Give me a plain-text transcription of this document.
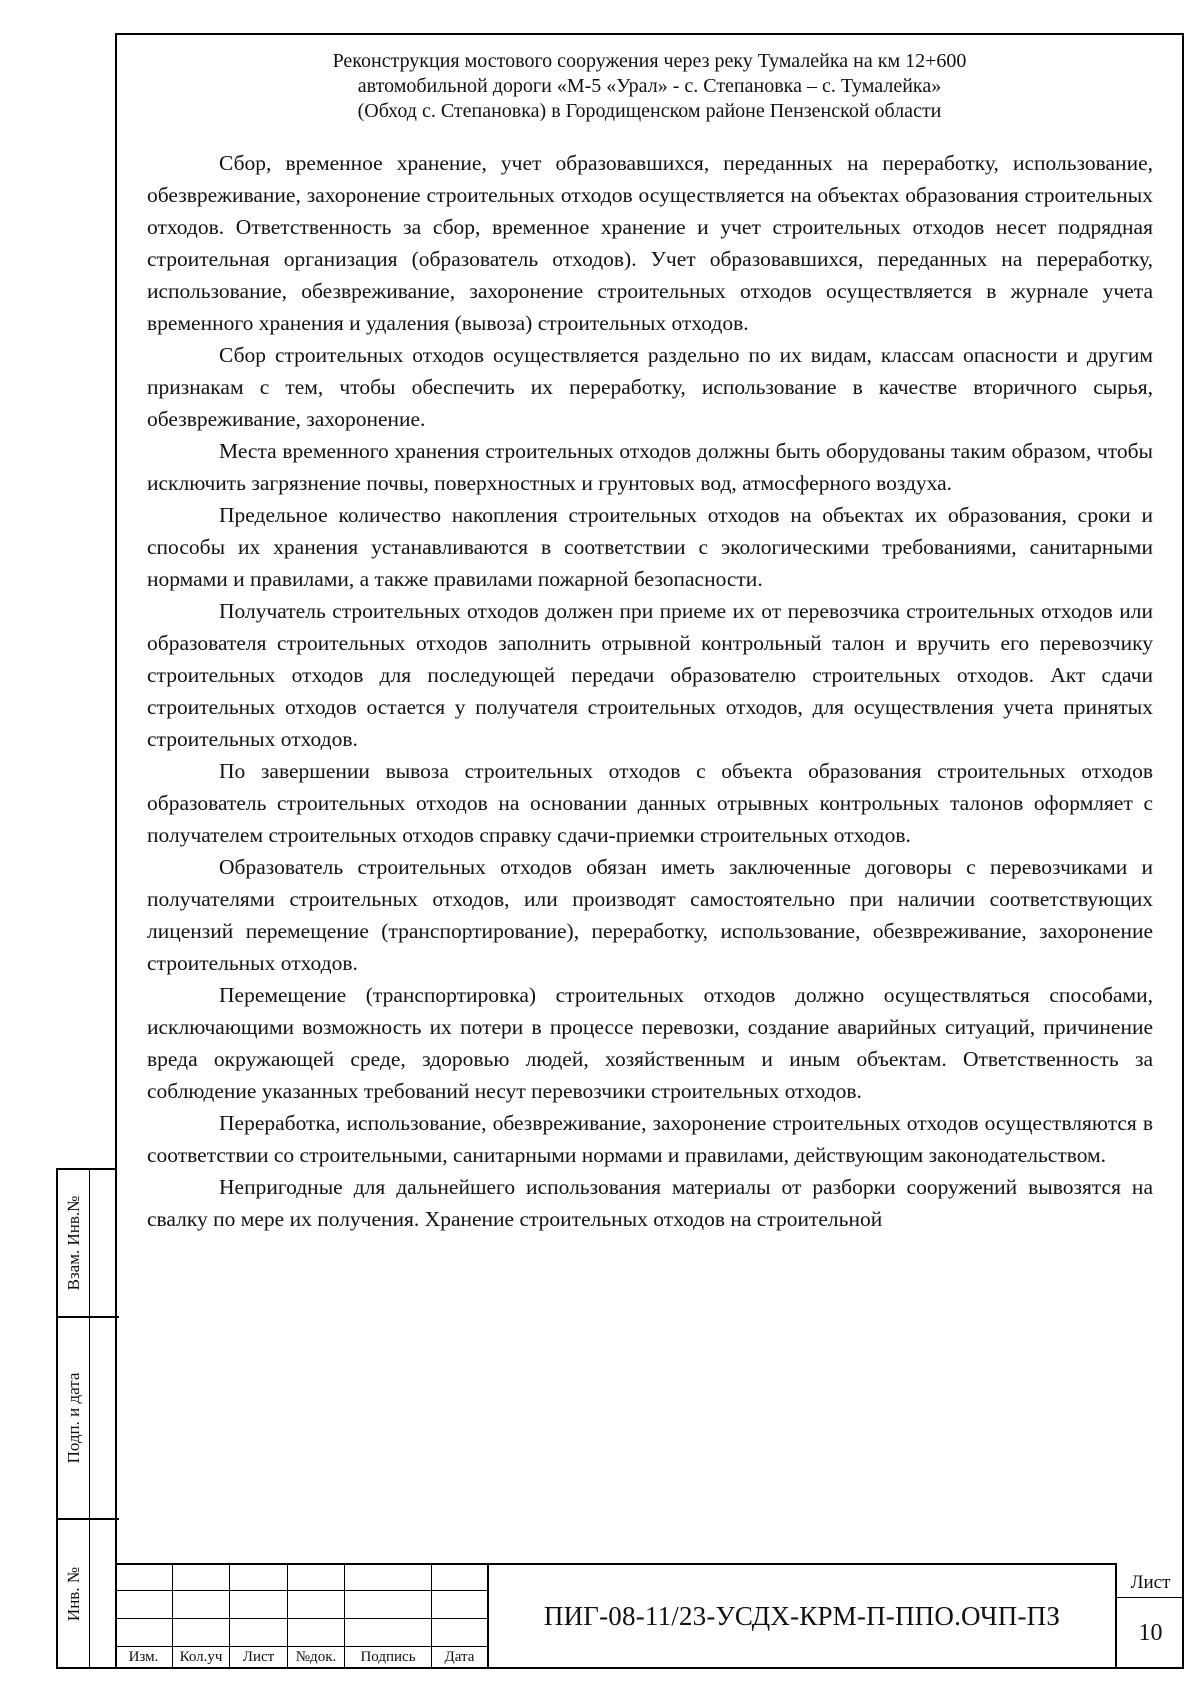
Реконструкция мостового сооружения через реку Тумалейка на км 12+600
автомобильной дороги «М-5 «Урал» - с. Степановка – с. Тумалейка»
(Обход с. Степановка) в Городищенском районе Пензенской области

Сбор, временное хранение, учет образовавшихся, переданных на переработку, использование, обезвреживание, захоронение строительных отходов осуществляется на объектах образования строительных отходов. Ответственность за сбор, временное хранение и учет строительных отходов несет подрядная строительная организация (образователь отходов). Учет образовавшихся, переданных на переработку, использование, обезвреживание, захоронение строительных отходов осуществляется в журнале учета временного хранения и удаления (вывоза) строительных отходов.

Сбор строительных отходов осуществляется раздельно по их видам, классам опасности и другим признакам с тем, чтобы обеспечить их переработку, использование в качестве вторичного сырья, обезвреживание, захоронение.

Места временного хранения строительных отходов должны быть оборудованы таким образом, чтобы исключить загрязнение почвы, поверхностных и грунтовых вод, атмосферного воздуха.

Предельное количество накопления строительных отходов на объектах их образования, сроки и способы их хранения устанавливаются в соответствии с экологическими требованиями, санитарными нормами и правилами, а также правилами пожарной безопасности.

Получатель строительных отходов должен при приеме их от перевозчика строительных отходов или образователя строительных отходов заполнить отрывной контрольный талон и вручить его перевозчику строительных отходов для последующей передачи образователю строительных отходов. Акт сдачи строительных отходов остается у получателя строительных отходов, для осуществления учета принятых строительных отходов.

По завершении вывоза строительных отходов с объекта образования строительных отходов образователь строительных отходов на основании данных отрывных контрольных талонов оформляет с получателем строительных отходов справку сдачи-приемки строительных отходов.

Образователь строительных отходов обязан иметь заключенные договоры с перевозчиками и получателями строительных отходов, или производят самостоятельно при наличии соответствующих лицензий перемещение (транспортирование), переработку, использование, обезвреживание, захоронение строительных отходов.

Перемещение (транспортировка) строительных отходов должно осуществляться способами, исключающими возможность их потери в процессе перевозки, создание аварийных ситуаций, причинение вреда окружающей среде, здоровью людей, хозяйственным и иным объектам. Ответственность за соблюдение указанных требований несут перевозчики строительных отходов.

Переработка, использование, обезвреживание, захоронение строительных отходов осуществляются в соответствии со строительными, санитарными нормами и правилами, действующим законодательством.

Непригодные для дальнейшего использования материалы от разборки сооружений вывозятся на свалку по мере их получения. Хранение строительных отходов на строительной

Взам. Инв.№
Подп. и дата
Инв. №
Изм.	Кол.уч	Лист	№док.	Подпись	Дата
ПИГ-08-11/23-УСДХ-КРМ-П-ППО.ОЧП-ПЗ
Лист
10
